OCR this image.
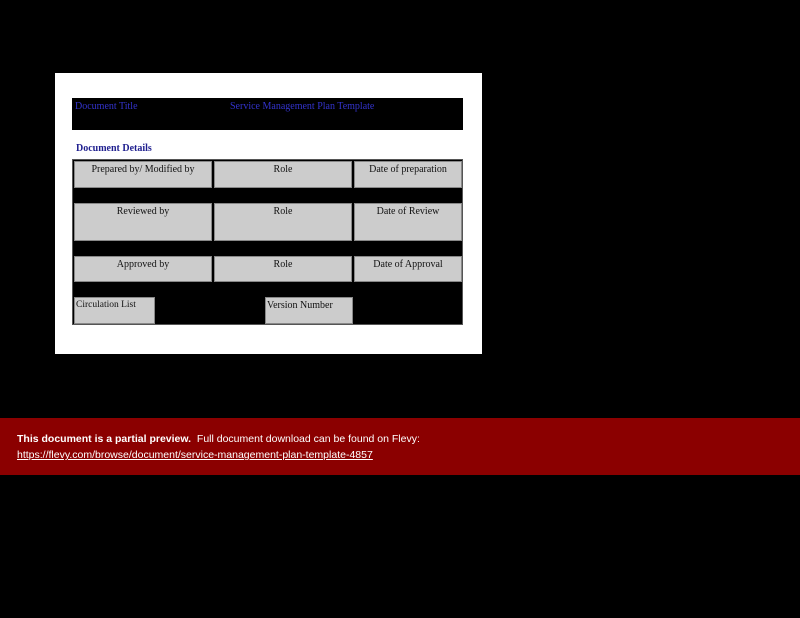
Document Title	Service Management Plan Template
Document Details
Prepared by/ Modified by	Role	Date of preparation
Reviewed by	Role	Date of Review
Approved by	Role	Date of Approval
Circulation List	Version Number
This document is a partial preview. Full document download can be found on Flevy:
https://flevy.com/browse/document/service-management-plan-template-4857
